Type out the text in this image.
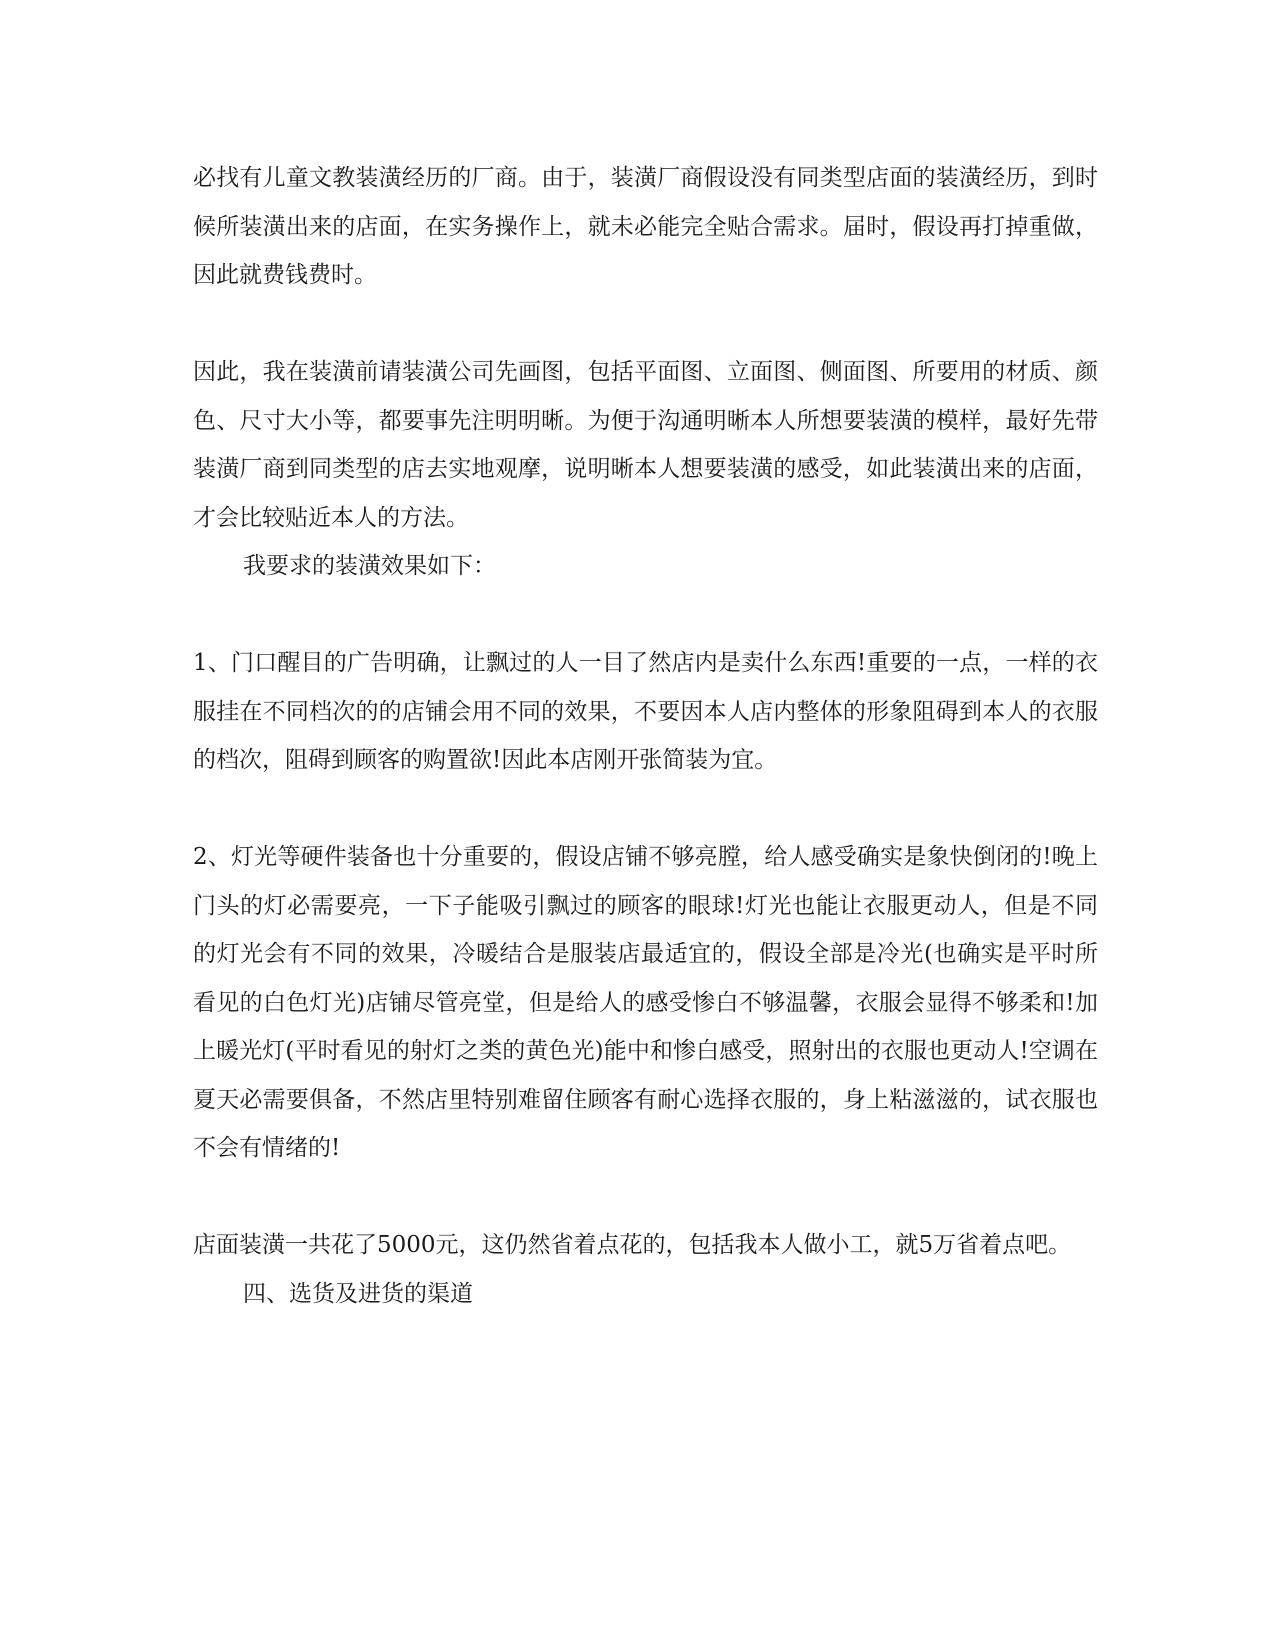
必找有儿童文教装潢经历的厂商。由于，装潢厂商假设没有同类型店面的装潢经历，到时候所装潢出来的店面，在实务操作上，就未必能完全贴合需求。届时，假设再打掉重做，因此就费钱费时。

因此，我在装潢前请装潢公司先画图，包括平面图、立面图、侧面图、所要用的材质、颜色、尺寸大小等，都要事先注明明晰。为便于沟通明晰本人所想要装潢的模样，最好先带装潢厂商到同类型的店去实地观摩，说明晰本人想要装潢的感受，如此装潢出来的店面，才会比较贴近本人的方法。

我要求的装潢效果如下：

1、门口醒目的广告明确，让飘过的人一目了然店内是卖什么东西!重要的一点，一样的衣服挂在不同档次的的店铺会用不同的效果，不要因本人店内整体的形象阻碍到本人的衣服的档次，阻碍到顾客的购置欲!因此本店刚开张简装为宜。

2、灯光等硬件装备也十分重要的，假设店铺不够亮膛，给人感受确实是象快倒闭的!晚上门头的灯必需要亮，一下子能吸引飘过的顾客的眼球!灯光也能让衣服更动人，但是不同的灯光会有不同的效果，冷暖结合是服装店最适宜的，假设全部是冷光(也确实是平时所看见的白色灯光)店铺尽管亮堂，但是给人的感受惨白不够温馨，衣服会显得不够柔和!加上暖光灯(平时看见的射灯之类的黄色光)能中和惨白感受，照射出的衣服也更动人!空调在夏天必需要俱备，不然店里特别难留住顾客有耐心选择衣服的，身上粘滋滋的，试衣服也不会有情绪的!

店面装潢一共花了5000元，这仍然省着点花的，包括我本人做小工，就5万省着点吧。

四、选货及进货的渠道
